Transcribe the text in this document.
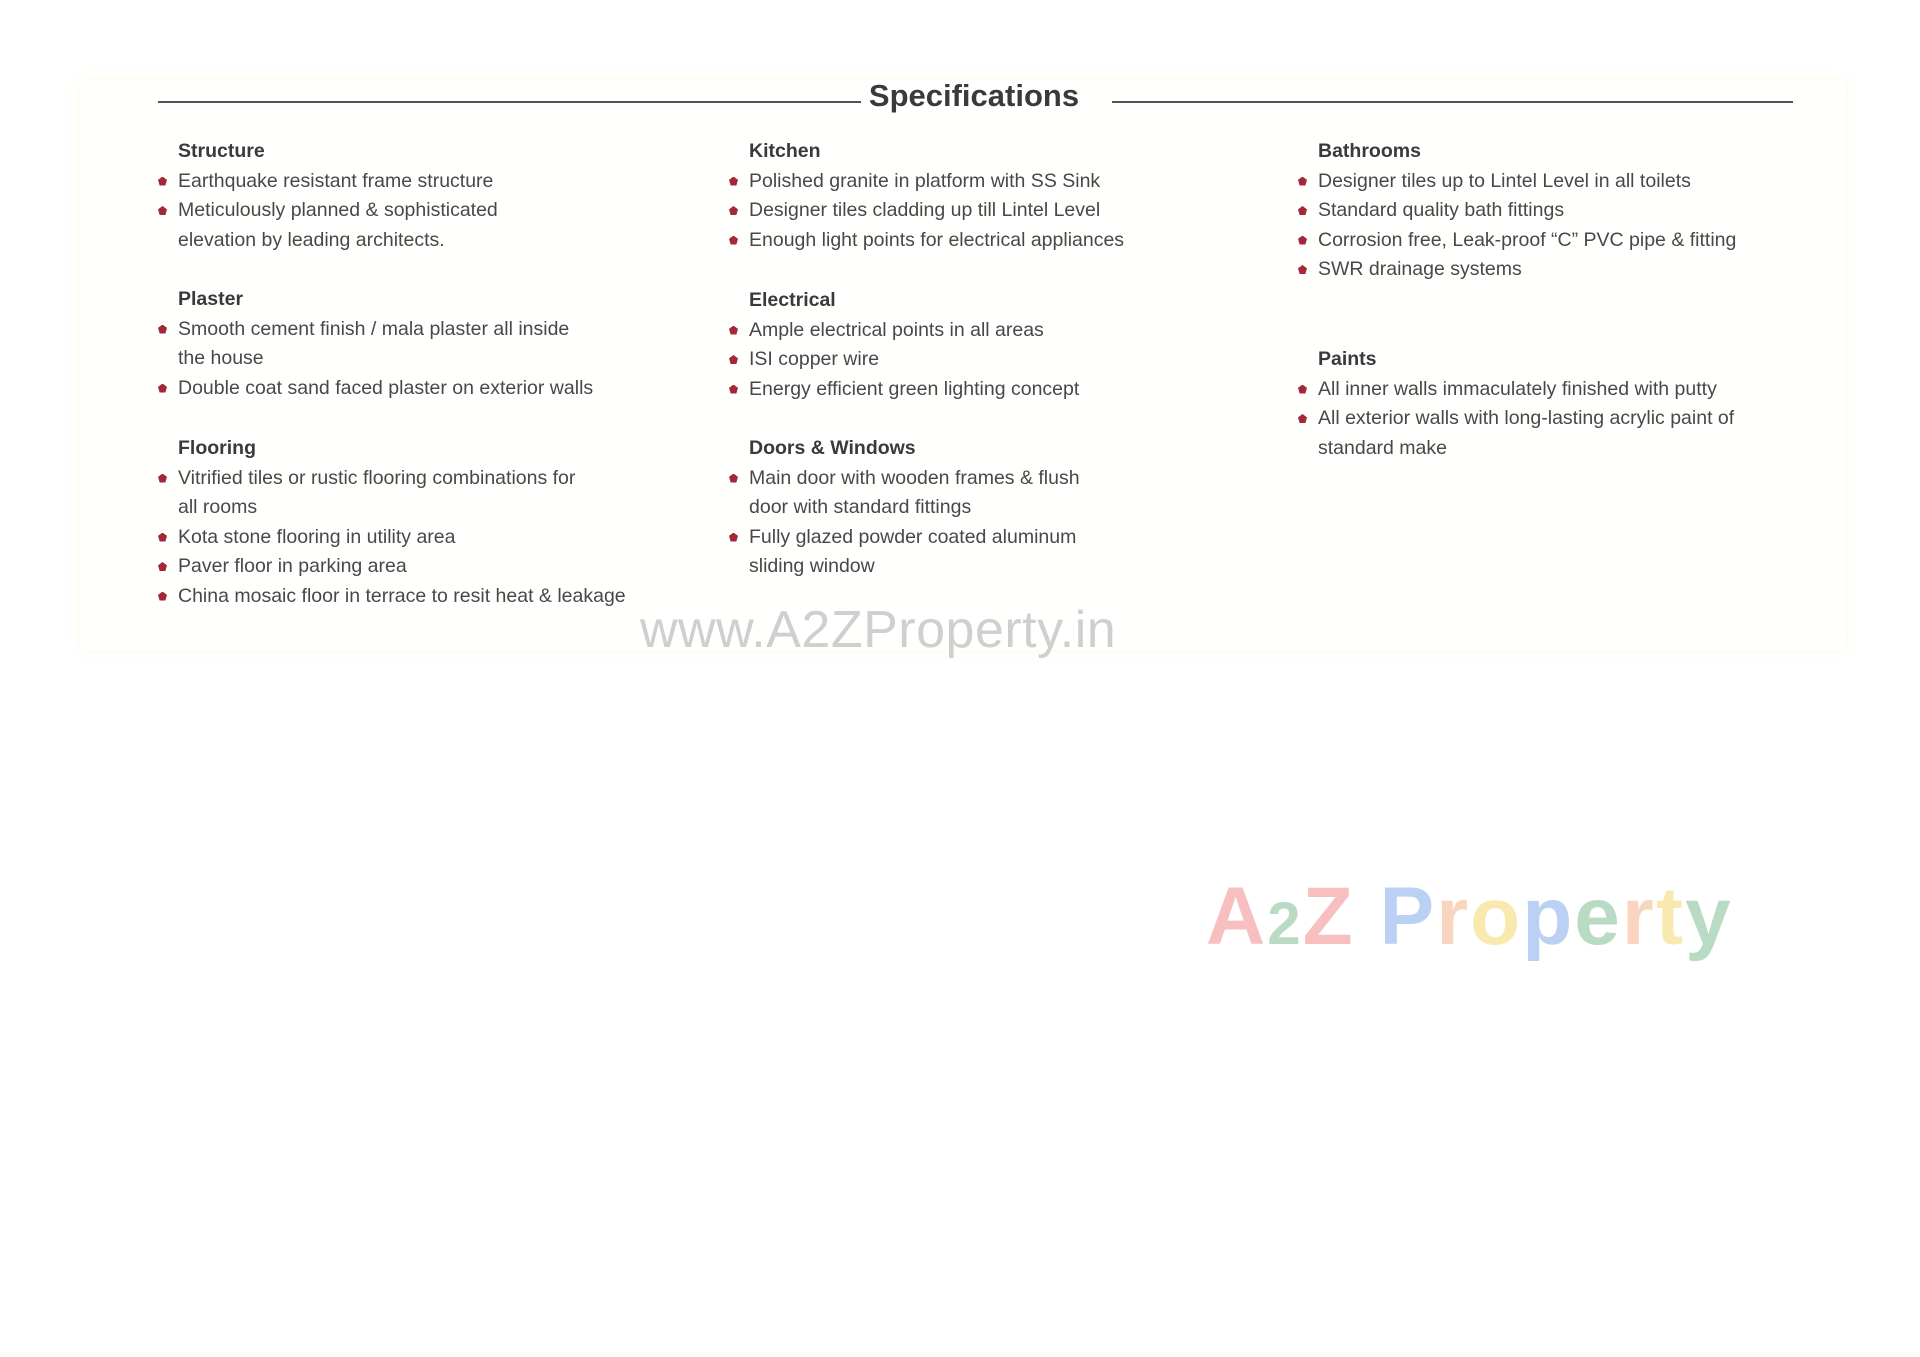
Specifications
Structure
Earthquake resistant frame structure
Meticulously planned & sophisticated
elevation by leading architects.
Plaster
Smooth cement finish / mala plaster all inside
the house
Double coat sand faced plaster on exterior walls
Flooring
Vitrified tiles or rustic flooring combinations for
all rooms
Kota stone flooring in utility area
Paver floor in parking area
China mosaic floor in terrace to resit heat & leakage
Kitchen
Polished granite in platform with SS Sink
Designer tiles cladding up till Lintel Level
Enough light points for electrical appliances
Electrical
Ample electrical points in all areas
ISI copper wire
Energy efficient green lighting concept
Doors & Windows
Main door with wooden frames & flush
door with standard fittings
Fully glazed powder coated aluminum
sliding window
Bathrooms
Designer tiles up to Lintel Level in all toilets
Standard quality bath fittings
Corrosion free, Leak-proof “C” PVC pipe & fitting
SWR drainage systems
Paints
All inner walls immaculately finished with putty
All exterior walls with long-lasting acrylic paint of
standard make
www.A2ZProperty.in
A2Z Property
